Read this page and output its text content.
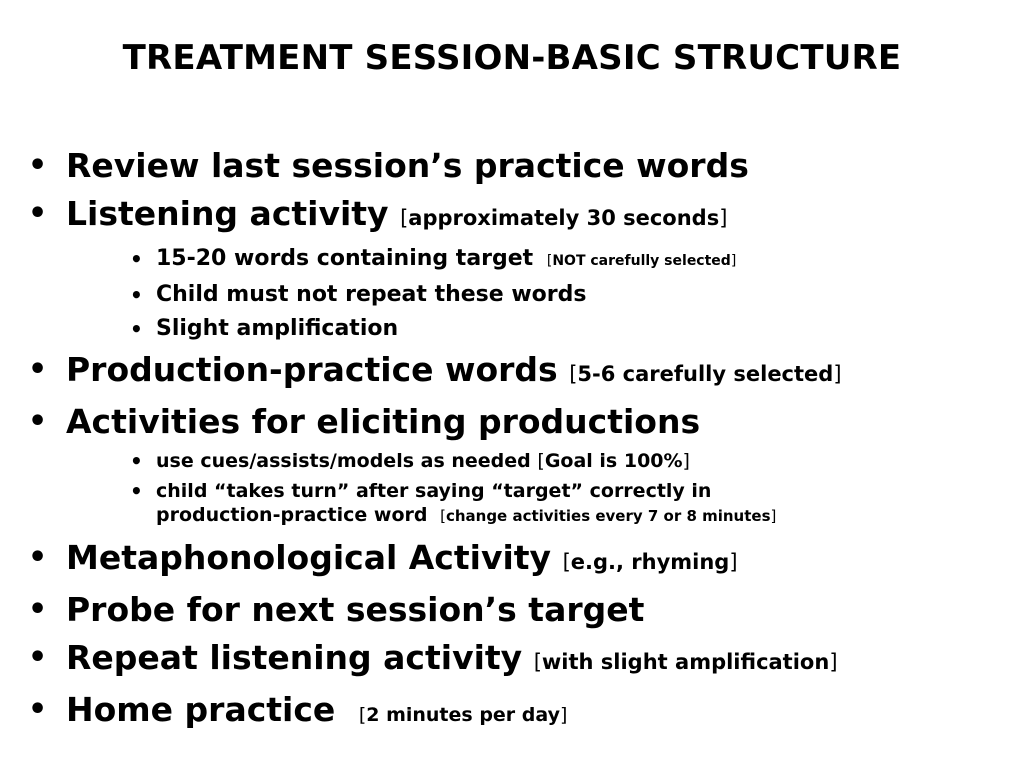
TREATMENT SESSION-BASIC STRUCTURE
• Review last session’s practice words
• Listening activity [approximately 30 seconds]
• 15-20 words containing target [NOT carefully selected]
• Child must not repeat these words
• Slight amplification
• Production-practice words [5-6 carefully selected]
• Activities for eliciting productions
• use cues/assists/models as needed [Goal is 100%]
• child “takes turn” after saying “target” correctly in
production-practice word [change activities every 7 or 8 minutes]
• Metaphonological Activity [e.g., rhyming]
• Probe for next session’s target
• Repeat listening activity [with slight amplification]
• Home practice [2 minutes per day]
